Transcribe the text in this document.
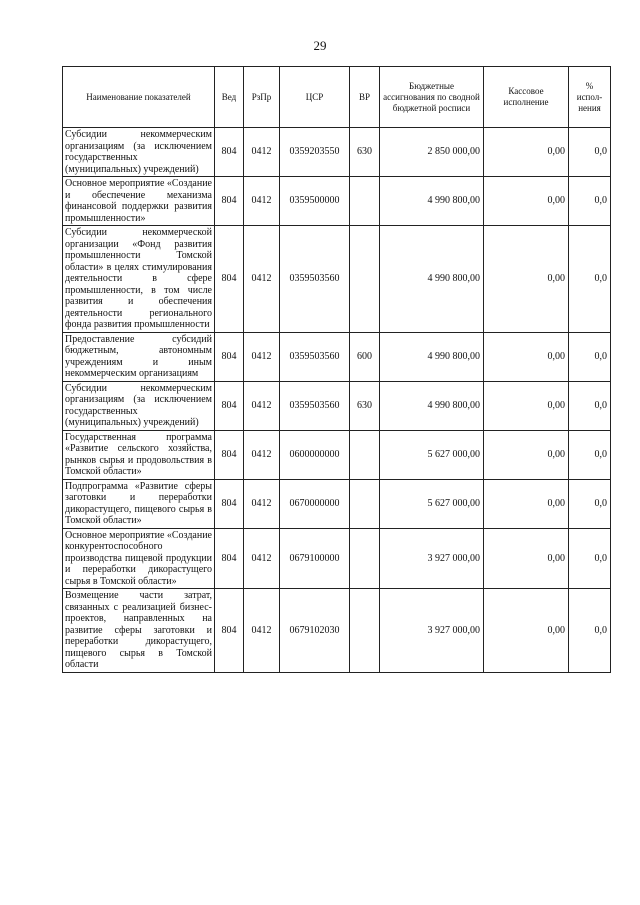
29
Наименование показателей	Вед	РзПр	ЦСР	ВР	Бюджетные ассигнования по сводной бюджетной росписи	Кассовое исполнение	% испол-нения
Субсидии некоммерческим организациям (за исключением государственных (муниципальных) учреждений)	804	0412	0359203550	630	2 850 000,00	0,00	0,0
Основное мероприятие «Создание и обеспечение механизма финансовой поддержки развития промышленности»	804	0412	0359500000		4 990 800,00	0,00	0,0
Субсидии некоммерческой организации «Фонд развития промышленности Томской области» в целях стимулирования деятельности в сфере промышленности, в том числе развития и обеспечения деятельности регионального фонда развития промышленности	804	0412	0359503560		4 990 800,00	0,00	0,0
Предоставление субсидий бюджетным, автономным учреждениям и иным некоммерческим организациям	804	0412	0359503560	600	4 990 800,00	0,00	0,0
Субсидии некоммерческим организациям (за исключением государственных (муниципальных) учреждений)	804	0412	0359503560	630	4 990 800,00	0,00	0,0
Государственная программа «Развитие сельского хозяйства, рынков сырья и продовольствия в Томской области»	804	0412	0600000000		5 627 000,00	0,00	0,0
Подпрограмма «Развитие сферы заготовки и переработки дикорастущего, пищевого сырья в Томской области»	804	0412	0670000000		5 627 000,00	0,00	0,0
Основное мероприятие «Создание конкурентоспособного производства пищевой продукции и переработки дикорастущего сырья в Томской области»	804	0412	0679100000		3 927 000,00	0,00	0,0
Возмещение части затрат, связанных с реализацией бизнес-проектов, направленных на развитие сферы заготовки и переработки дикорастущего, пищевого сырья в Томской области	804	0412	0679102030		3 927 000,00	0,00	0,0
